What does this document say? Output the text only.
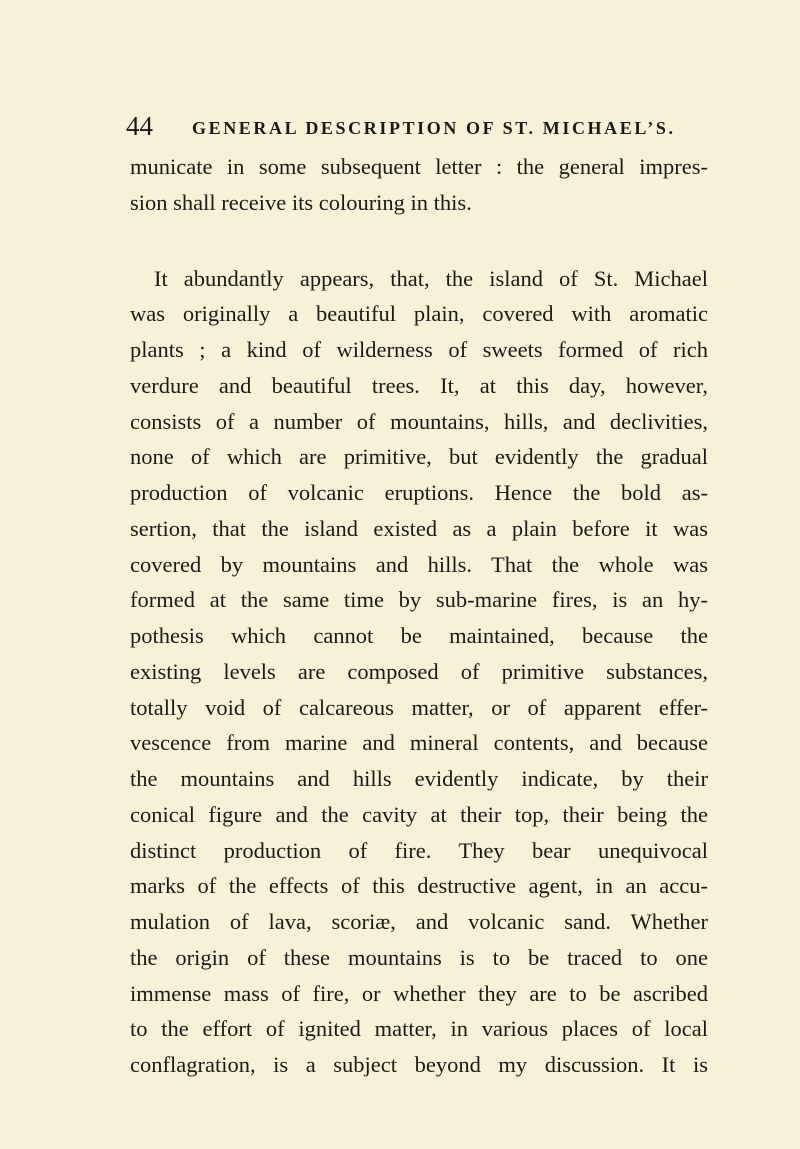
44 GENERAL DESCRIPTION OF ST. MICHAEL’S.
municate in some subsequent letter : the general impres-
sion shall receive its colouring in this.
It abundantly appears, that, the island of St. Michael
was originally a beautiful plain, covered with aromatic
plants ; a kind of wilderness of sweets formed of rich
verdure and beautiful trees. It, at this day, however,
consists of a number of mountains, hills, and declivities,
none of which are primitive, but evidently the gradual
production of volcanic eruptions. Hence the bold as-
sertion, that the island existed as a plain before it was
covered by mountains and hills. That the whole was
formed at the same time by sub-marine fires, is an hy-
pothesis which cannot be maintained, because the
existing levels are composed of primitive substances,
totally void of calcareous matter, or of apparent effer-
vescence from marine and mineral contents, and because
the mountains and hills evidently indicate, by their
conical figure and the cavity at their top, their being the
distinct production of fire. They bear unequivocal
marks of the effects of this destructive agent, in an accu-
mulation of lava, scoriæ, and volcanic sand. Whether
the origin of these mountains is to be traced to one
immense mass of fire, or whether they are to be ascribed
to the effort of ignited matter, in various places of local
conflagration, is a subject beyond my discussion. It is
